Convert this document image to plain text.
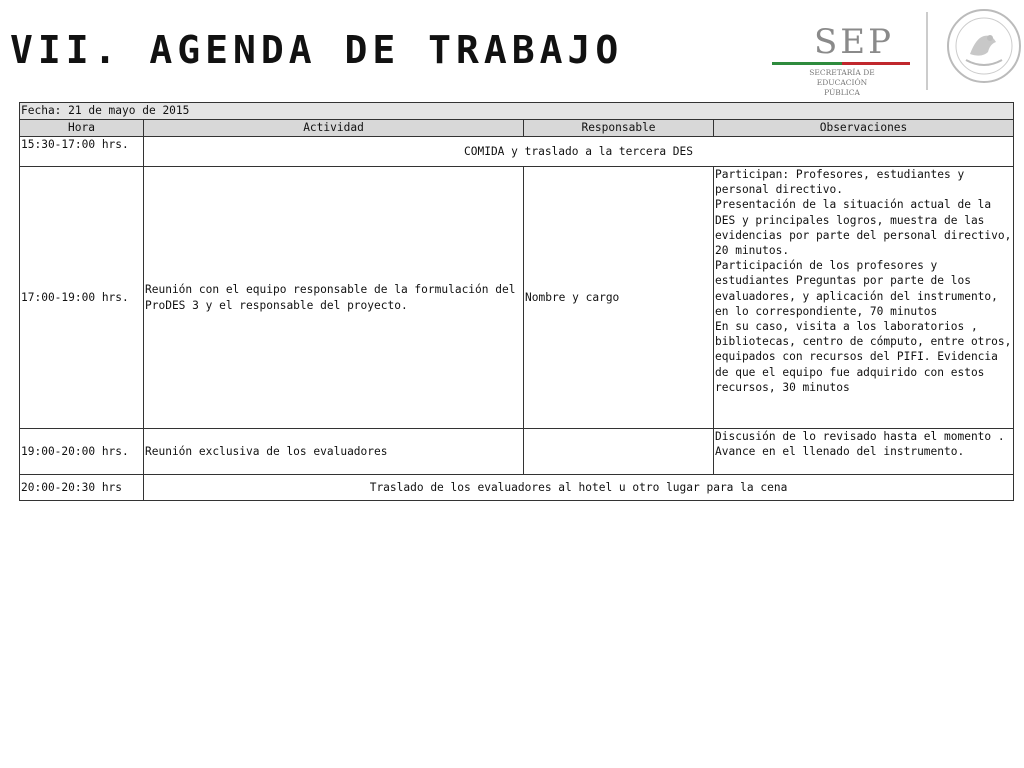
VII. AGENDA DE TRABAJO	SEP
SECRETARÍA DE
EDUCACIÓN PÚBLICA
Fecha: 21 de mayo de 2015			
Hora	Actividad	Responsable	Observaciones
15:30-17:00 hrs.	COMIDA y traslado a la tercera DES		
17:00-19:00 hrs.	Reunión con el equipo responsable de la formulación del ProDES 3 y el responsable del proyecto.	Nombre y cargo	Participan: Profesores, estudiantes y personal directivo.
Presentación de la situación actual de la DES y principales logros, muestra de las evidencias por parte del personal directivo, 20 minutos.
Participación de los profesores y estudiantes Preguntas por parte de los evaluadores, y aplicación del instrumento, en lo correspondiente, 70 minutos
En su caso, visita a los laboratorios , bibliotecas, centro de cómputo, entre otros, equipados con recursos del PIFI. Evidencia de que el equipo fue adquirido con estos recursos, 30 minutos

19:00-20:00 hrs.	Reunión exclusiva de los evaluadores		Discusión de lo revisado hasta el momento . Avance en el llenado del instrumento.
20:00-20:30 hrs	Traslado de los evaluadores al hotel u otro lugar para la cena		
